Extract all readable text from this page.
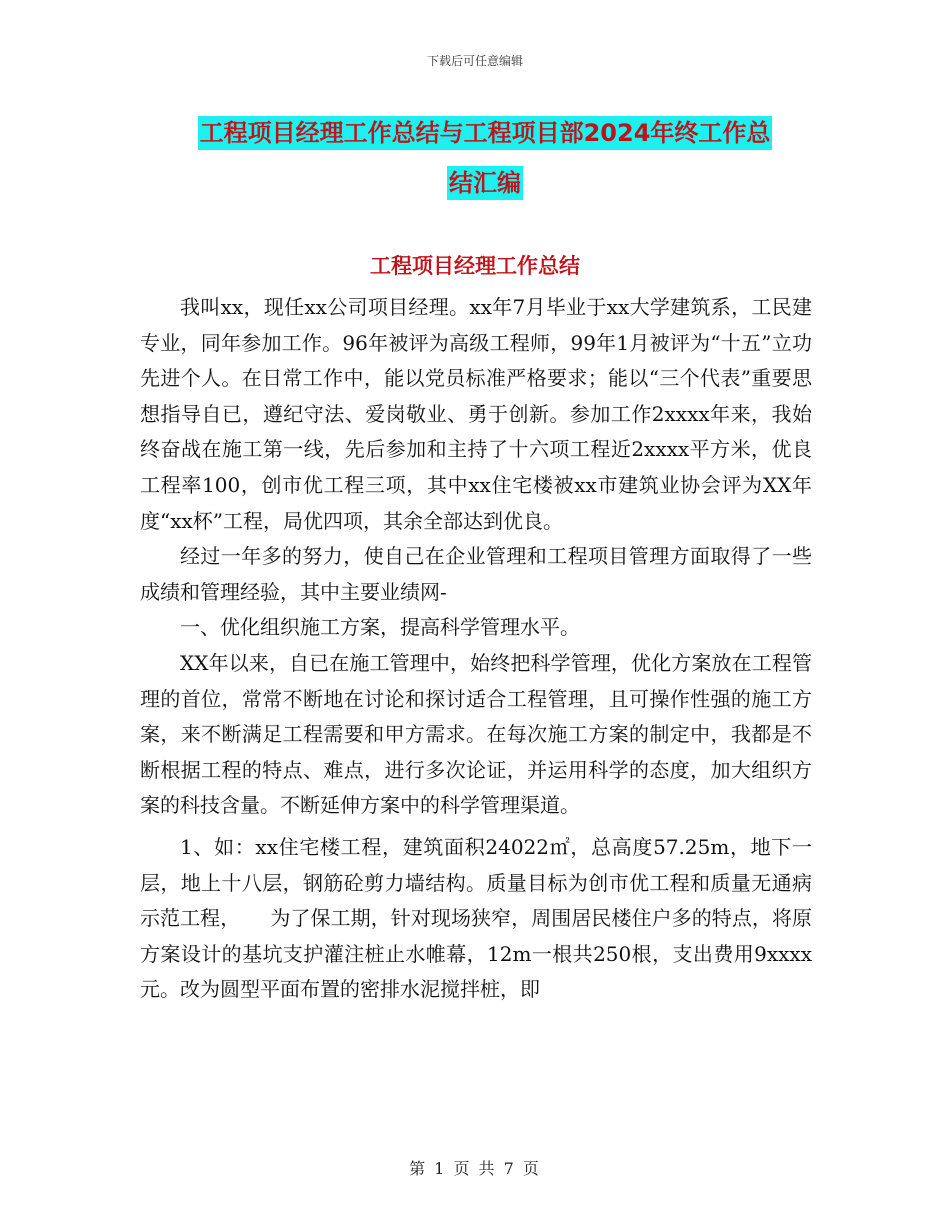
下载后可任意编辑
工程项目经理工作总结与工程项目部2024年终工作总
结汇编
工程项目经理工作总结

我叫xx，现任xx公司项目经理。xx年7月毕业于xx大学建筑系，工民建专业，同年参加工作。96年被评为高级工程师，99年1月被评为“十五”立功先进个人。在日常工作中，能以党员标准严格要求；能以“三个代表”重要思想指导自已，遵纪守法、爱岗敬业、勇于创新。参加工作2xxxx年来，我始终奋战在施工第一线，先后参加和主持了十六项工程近2xxxx平方米，优良工程率100，创市优工程三项，其中xx住宅楼被xx市建筑业协会评为XX年度“xx杯”工程，局优四项，其余全部达到优良。

经过一年多的努力，使自己在企业管理和工程项目管理方面取得了一些成绩和管理经验，其中主要业绩网-

一、优化组织施工方案，提高科学管理水平。

XX年以来，自已在施工管理中，始终把科学管理，优化方案放在工程管理的首位，常常不断地在讨论和探讨适合工程管理，且可操作性强的施工方案，来不断满足工程需要和甲方需求。在每次施工方案的制定中，我都是不断根据工程的特点、难点，进行多次论证，并运用科学的态度，加大组织方案的科技含量。不断延伸方案中的科学管理渠道。

1、如：xx住宅楼工程，建筑面积24022㎡，总高度57.25m，地下一层，地上十八层，钢筋砼剪力墙结构。质量目标为创市优工程和质量无通病示范工程，　　为了保工期，针对现场狭窄，周围居民楼住户多的特点，将原方案设计的基坑支护灌注桩止水帷幕，12m一根共250根，支出费用9xxxx元。改为圆型平面布置的密排水泥搅拌桩，即

第 1 页 共 7 页
